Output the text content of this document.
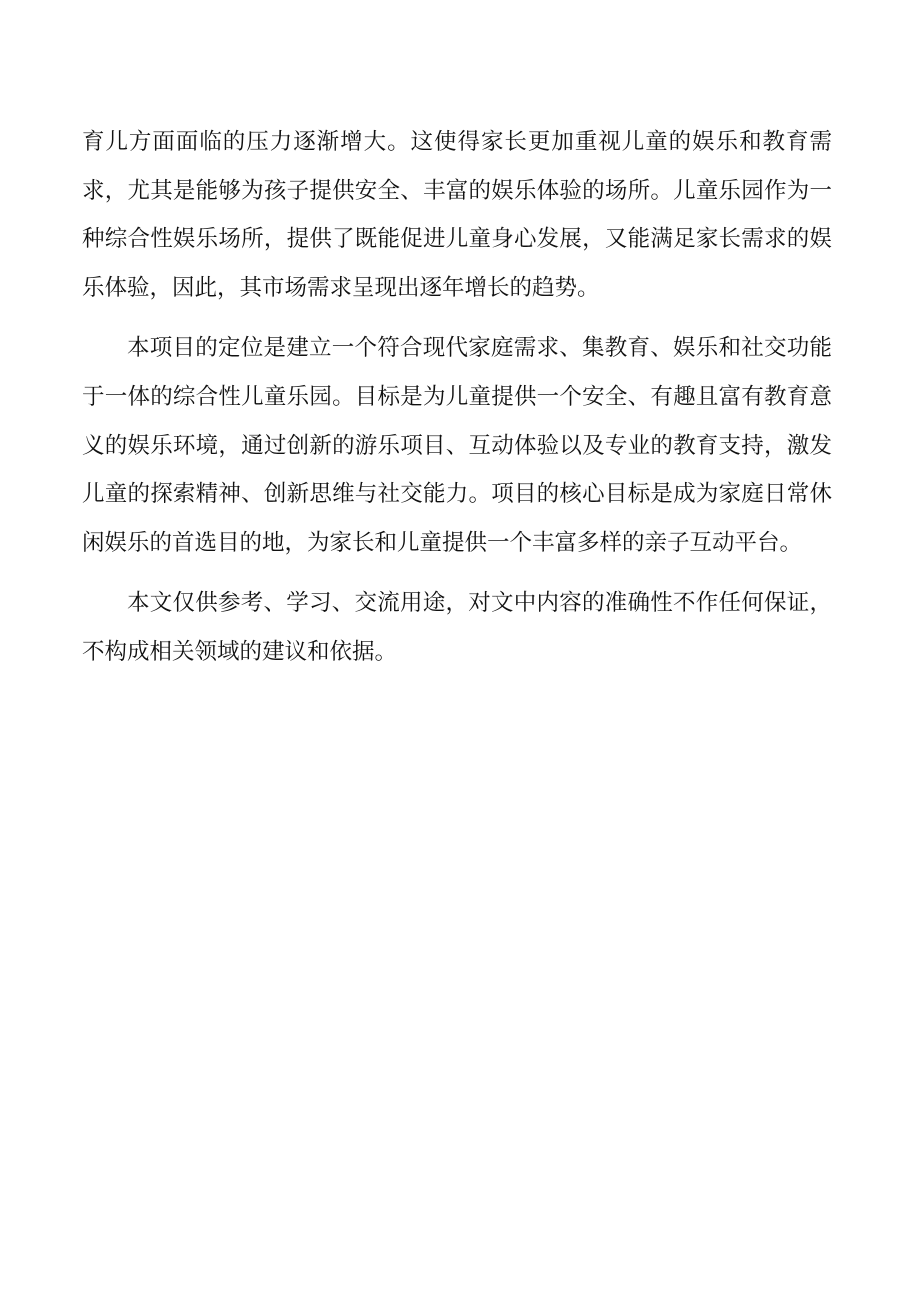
育儿方面面临的压力逐渐增大。这使得家长更加重视儿童的娱乐和教育需求，尤其是能够为孩子提供安全、丰富的娱乐体验的场所。儿童乐园作为一种综合性娱乐场所，提供了既能促进儿童身心发展，又能满足家长需求的娱乐体验，因此，其市场需求呈现出逐年增长的趋势。

本项目的定位是建立一个符合现代家庭需求、集教育、娱乐和社交功能于一体的综合性儿童乐园。目标是为儿童提供一个安全、有趣且富有教育意义的娱乐环境，通过创新的游乐项目、互动体验以及专业的教育支持，激发儿童的探索精神、创新思维与社交能力。项目的核心目标是成为家庭日常休闲娱乐的首选目的地，为家长和儿童提供一个丰富多样的亲子互动平台。

本文仅供参考、学习、交流用途，对文中内容的准确性不作任何保证，不构成相关领域的建议和依据。
